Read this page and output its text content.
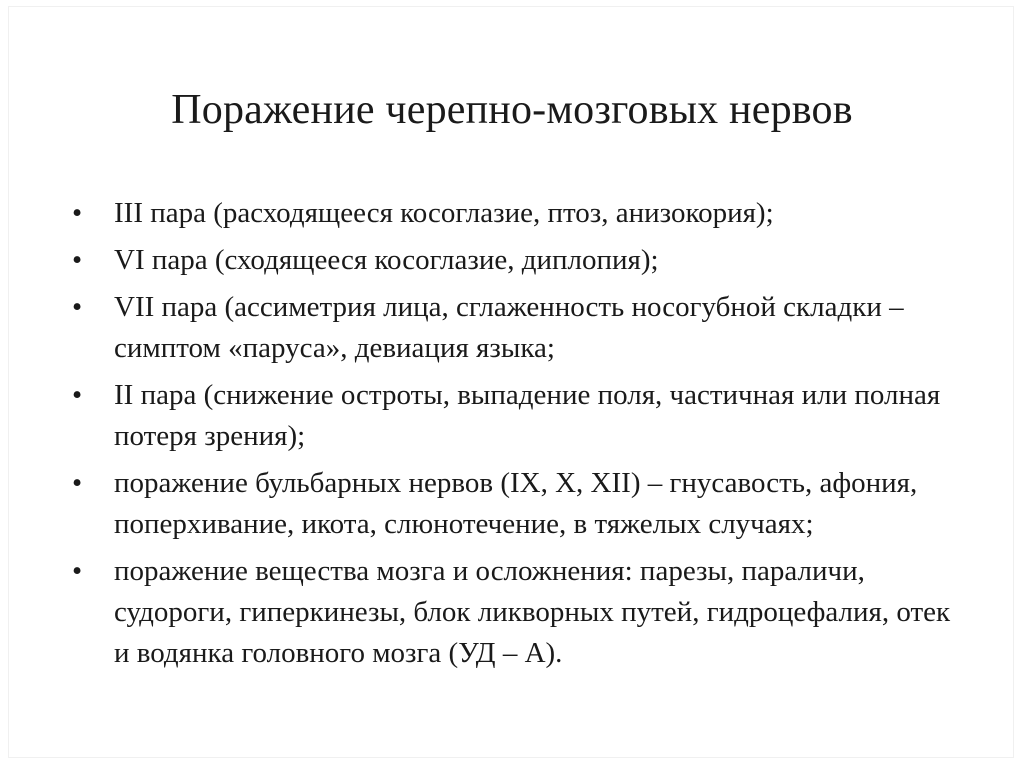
Поражение черепно-мозговых нервов
•	III пара (расходящееся косоглазие, птоз, анизокория);
•	VI пара (сходящееся косоглазие, диплопия);
•	VII пара (ассиметрия лица, сглаженность носогубной складки – симптом «паруса», девиация языка;
•	II пара (снижение остроты, выпадение поля, частичная или полная потеря зрения);
•	поражение бульбарных нервов (IX, X, XII) – гнусавость, афония, поперхивание, икота, слюнотечение, в тяжелых случаях;
•	поражение вещества мозга и осложнения: парезы, параличи, судороги, гиперкинезы, блок ликворных путей, гидроцефалия, отек и водянка головного мозга (УД – А).
